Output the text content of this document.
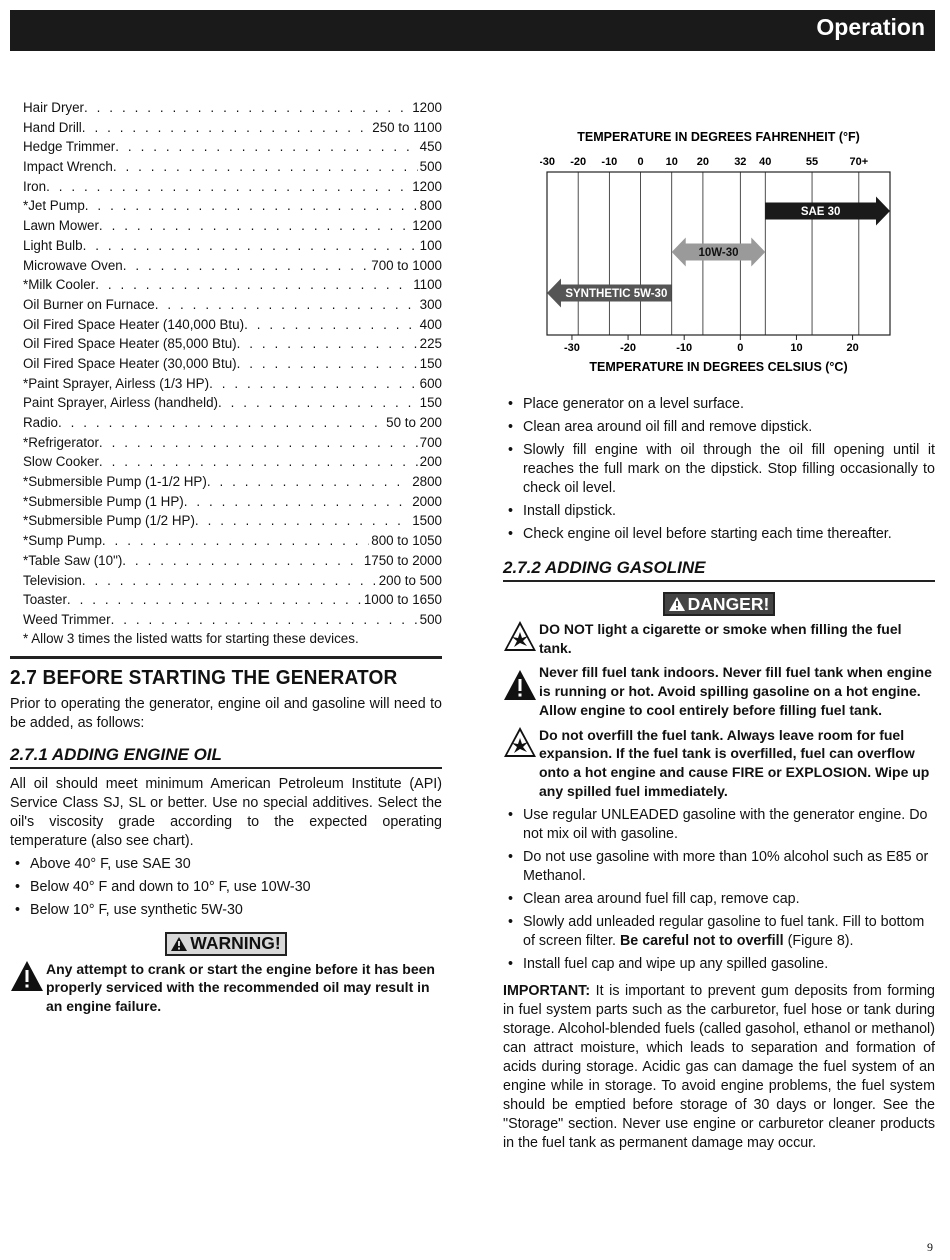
Operation
Hair Dryer . . .	1200
Hand Drill . . .	250 to 1100
Hedge Trimmer . . .	450
Impact Wrench . . .	500
Iron . . .	1200
*Jet Pump . . .	800
Lawn Mower . . .	1200
Light Bulb . . .	100
Microwave Oven . . .	700 to 1000
*Milk Cooler . . .	1100
Oil Burner on Furnace . . .	300
Oil Fired Space Heater (140,000 Btu) . . .	400
Oil Fired Space Heater (85,000 Btu) . . .	225
Oil Fired Space Heater (30,000 Btu) . . .	150
*Paint Sprayer, Airless (1/3 HP) . . .	600
Paint Sprayer, Airless (handheld) . . .	150
Radio . . .	50 to 200
*Refrigerator . . .	700
Slow Cooker . . .	200
*Submersible Pump (1-1/2 HP) . . .	2800
*Submersible Pump (1 HP) . . .	2000
*Submersible Pump (1/2 HP) . . .	1500
*Sump Pump . . .	800 to 1050
*Table Saw (10") . . .	1750 to 2000
Television . . .	200 to 500
Toaster . . .	1000 to 1650
Weed Trimmer . . .	500
* Allow 3 times the listed watts for starting these devices.
2.7 BEFORE STARTING THE GENERATOR

Prior to operating the generator, engine oil and gasoline will need to be added, as follows:

2.7.1 ADDING ENGINE OIL

All oil should meet minimum American Petroleum Institute (API) Service Class SJ, SL or better. Use no special additives. Select the oil's viscosity grade according to the expected operating temperature (also see chart).

• Above 40° F, use SAE 30
• Below 40° F and down to 10° F, use 10W-30
• Below 10° F, use synthetic 5W-30
WARNING!
Any attempt to crank or start the engine before it has been properly serviced with the recommended oil may result in an engine failure.
TEMPERATURE IN DEGREES FAHRENHEIT (°F)
-30 -20 -10 0 10 20 32 40	55	70+
-30	-20	-10	0	10	20
TEMPERATURE IN DEGREES CELSIUS (°C)
SAE 30
10W-30
SYNTHETIC 5W-30
• Place generator on a level surface.
• Clean area around oil fill and remove dipstick.
• Slowly fill engine with oil through the oil fill opening until it reaches the full mark on the dipstick. Stop filling occasionally to check oil level.
• Install dipstick.
• Check engine oil level before starting each time thereafter.
2.7.2 ADDING GASOLINE
DANGER!
DO NOT light a cigarette or smoke when filling the fuel tank.
Never fill fuel tank indoors. Never fill fuel tank when engine is running or hot. Avoid spilling gasoline on a hot engine. Allow engine to cool entirely before filling fuel tank.
Do not overfill the fuel tank. Always leave room for fuel expansion. If the fuel tank is overfilled, fuel can overflow onto a hot engine and cause FIRE or EXPLOSION. Wipe up any spilled fuel immediately.
• Use regular UNLEADED gasoline with the generator engine. Do not mix oil with gasoline.
• Do not use gasoline with more than 10% alcohol such as E85 or Methanol.
• Clean area around fuel fill cap, remove cap.
• Slowly add unleaded regular gasoline to fuel tank. Fill to bottom of screen filter. Be careful not to overfill (Figure 8).
• Install fuel cap and wipe up any spilled gasoline.

IMPORTANT: It is important to prevent gum deposits from forming in fuel system parts such as the carburetor, fuel hose or tank during storage. Alcohol-blended fuels (called gasohol, ethanol or methanol) can attract moisture, which leads to separation and formation of acids during storage. Acidic gas can damage the fuel system of an engine while in storage. To avoid engine problems, the fuel system should be emptied before storage of 30 days or longer. See the "Storage" section. Never use engine or carburetor cleaner products in the fuel tank as permanent damage may occur.

9
